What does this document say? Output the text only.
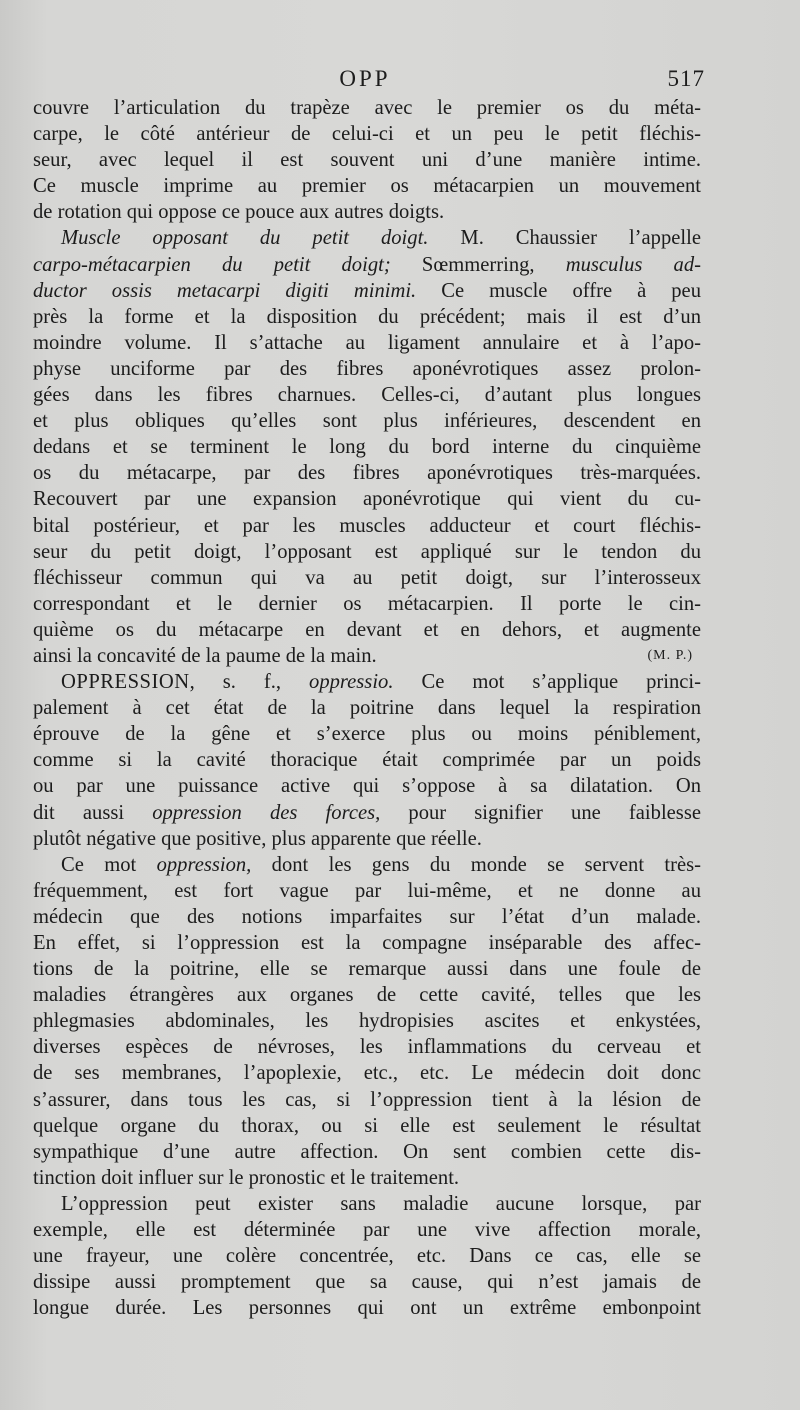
OPP	517
couvre l’articulation du trapèze avec le premier os du méta-
carpe, le côté antérieur de celui-ci et un peu le petit fléchis-
seur, avec lequel il est souvent uni d’une manière intime.
Ce muscle imprime au premier os métacarpien un mouvement
de rotation qui oppose ce pouce aux autres doigts.
Muscle opposant du petit doigt. M. Chaussier l’appelle
carpo-métacarpien du petit doigt; Sœmmerring, musculus ad-
ductor ossis metacarpi digiti minimi. Ce muscle offre à peu
près la forme et la disposition du précédent; mais il est d’un
moindre volume. Il s’attache au ligament annulaire et à l’apo-
physe unciforme par des fibres aponévrotiques assez prolon-
gées dans les fibres charnues. Celles-ci, d’autant plus longues
et plus obliques qu’elles sont plus inférieures, descendent en
dedans et se terminent le long du bord interne du cinquième
os du métacarpe, par des fibres aponévrotiques très-marquées.
Recouvert par une expansion aponévrotique qui vient du cu-
bital postérieur, et par les muscles adducteur et court fléchis-
seur du petit doigt, l’opposant est appliqué sur le tendon du
fléchisseur commun qui va au petit doigt, sur l’interosseux
correspondant et le dernier os métacarpien. Il porte le cin-
quième os du métacarpe en devant et en dehors, et augmente
ainsi la concavité de la paume de la main.	(M. P.)
OPPRESSION, s. f., oppressio. Ce mot s’applique princi-
palement à cet état de la poitrine dans lequel la respiration
éprouve de la gêne et s’exerce plus ou moins péniblement,
comme si la cavité thoracique était comprimée par un poids
ou par une puissance active qui s’oppose à sa dilatation. On
dit aussi oppression des forces, pour signifier une faiblesse
plutôt négative que positive, plus apparente que réelle.
Ce mot oppression, dont les gens du monde se servent très-
fréquemment, est fort vague par lui-même, et ne donne au
médecin que des notions imparfaites sur l’état d’un malade.
En effet, si l’oppression est la compagne inséparable des affec-
tions de la poitrine, elle se remarque aussi dans une foule de
maladies étrangères aux organes de cette cavité, telles que les
phlegmasies abdominales, les hydropisies ascites et enkystées,
diverses espèces de névroses, les inflammations du cerveau et
de ses membranes, l’apoplexie, etc., etc. Le médecin doit donc
s’assurer, dans tous les cas, si l’oppression tient à la lésion de
quelque organe du thorax, ou si elle est seulement le résultat
sympathique d’une autre affection. On sent combien cette dis-
tinction doit influer sur le pronostic et le traitement.
L’oppression peut exister sans maladie aucune lorsque, par
exemple, elle est déterminée par une vive affection morale,
une frayeur, une colère concentrée, etc. Dans ce cas, elle se
dissipe aussi promptement que sa cause, qui n’est jamais de
longue durée. Les personnes qui ont un extrême embonpoint
